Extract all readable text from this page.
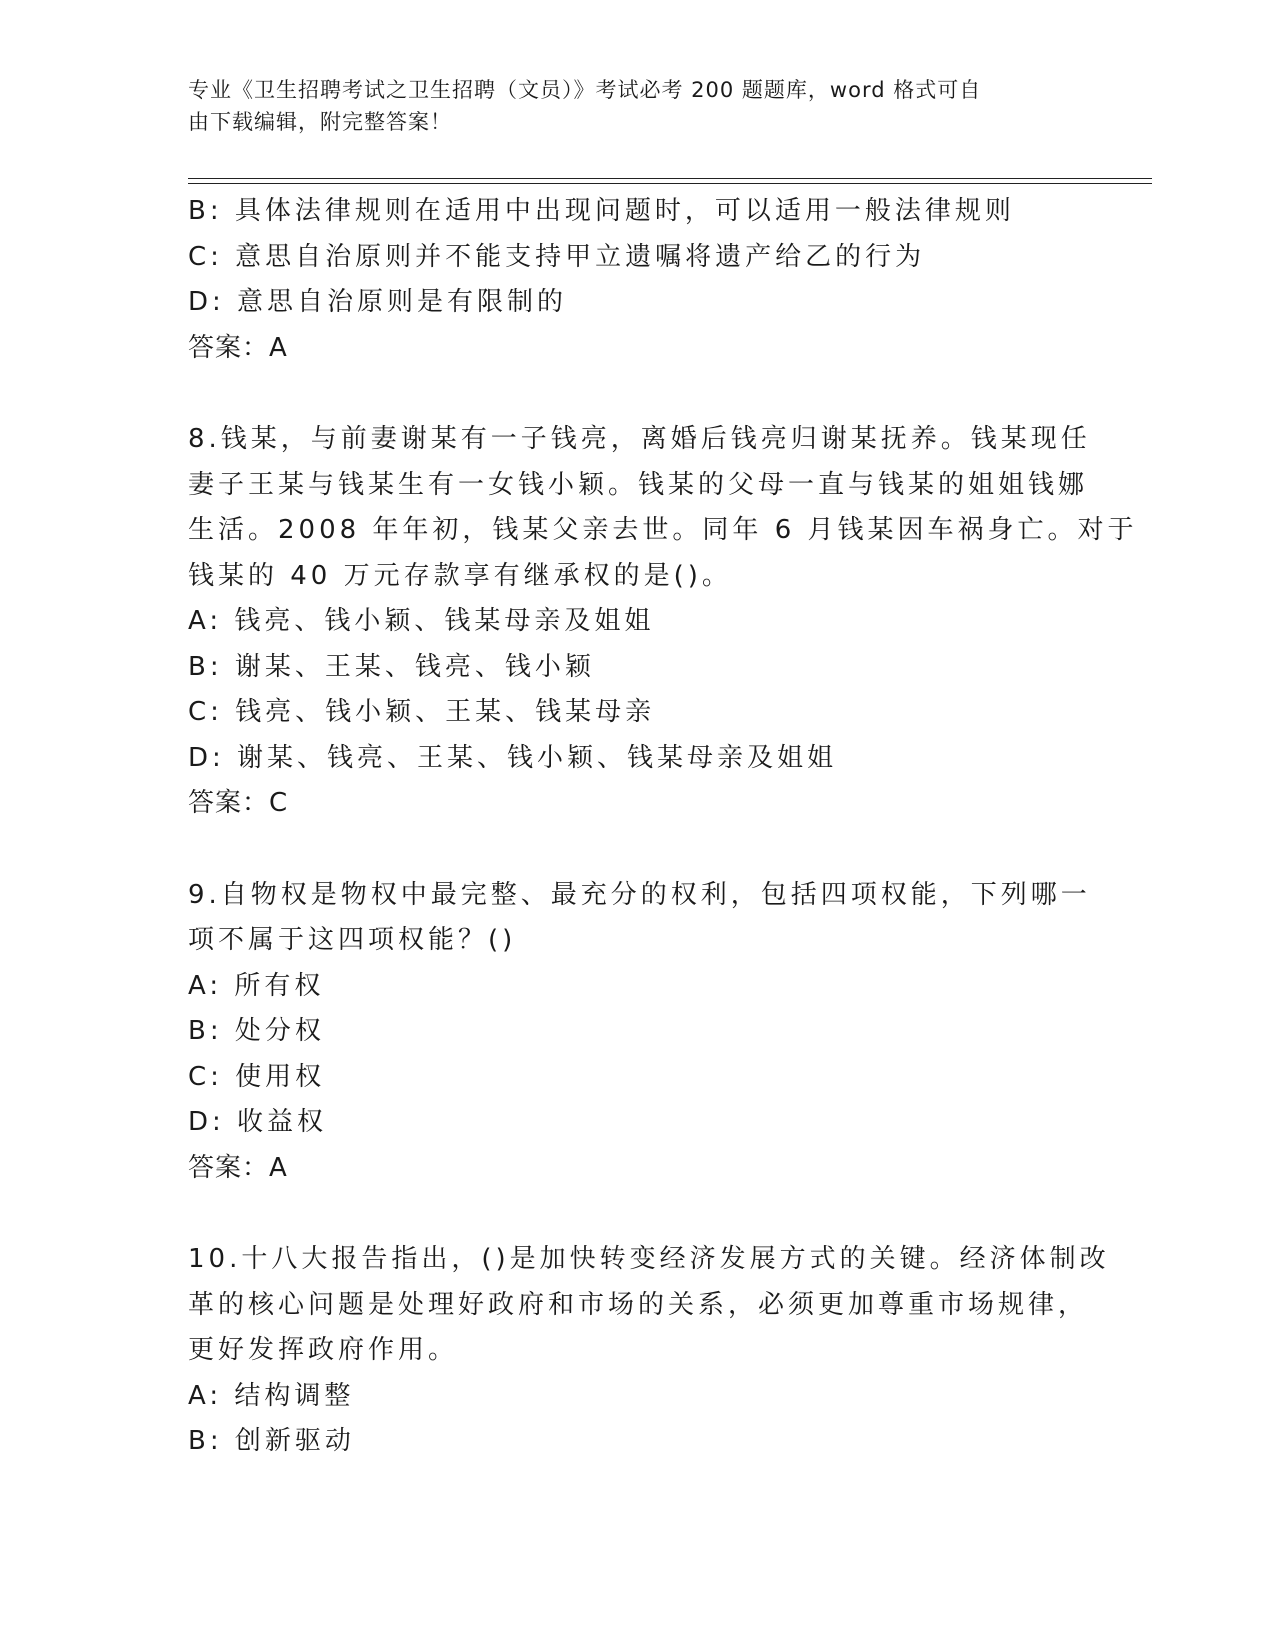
专业《卫生招聘考试之卫生招聘（文员）》考试必考 200 题题库，word 格式可自
由下载编辑，附完整答案！
B: 具体法律规则在适用中出现问题时，可以适用一般法律规则
C: 意思自治原则并不能支持甲立遗嘱将遗产给乙的行为
D: 意思自治原则是有限制的
答案：A
8.钱某，与前妻谢某有一子钱亮，离婚后钱亮归谢某抚养。钱某现任
妻子王某与钱某生有一女钱小颖。钱某的父母一直与钱某的姐姐钱娜
生活。2008 年年初，钱某父亲去世。同年 6 月钱某因车祸身亡。对于
钱某的 40 万元存款享有继承权的是()。
A: 钱亮、钱小颖、钱某母亲及姐姐
B: 谢某、王某、钱亮、钱小颖
C: 钱亮、钱小颖、王某、钱某母亲
D: 谢某、钱亮、王某、钱小颖、钱某母亲及姐姐
答案：C
9.自物权是物权中最完整、最充分的权利，包括四项权能，下列哪一
项不属于这四项权能？()
A: 所有权
B: 处分权
C: 使用权
D: 收益权
答案：A
10.十八大报告指出，()是加快转变经济发展方式的关键。经济体制改
革的核心问题是处理好政府和市场的关系，必须更加尊重市场规律，
更好发挥政府作用。
A: 结构调整
B: 创新驱动
